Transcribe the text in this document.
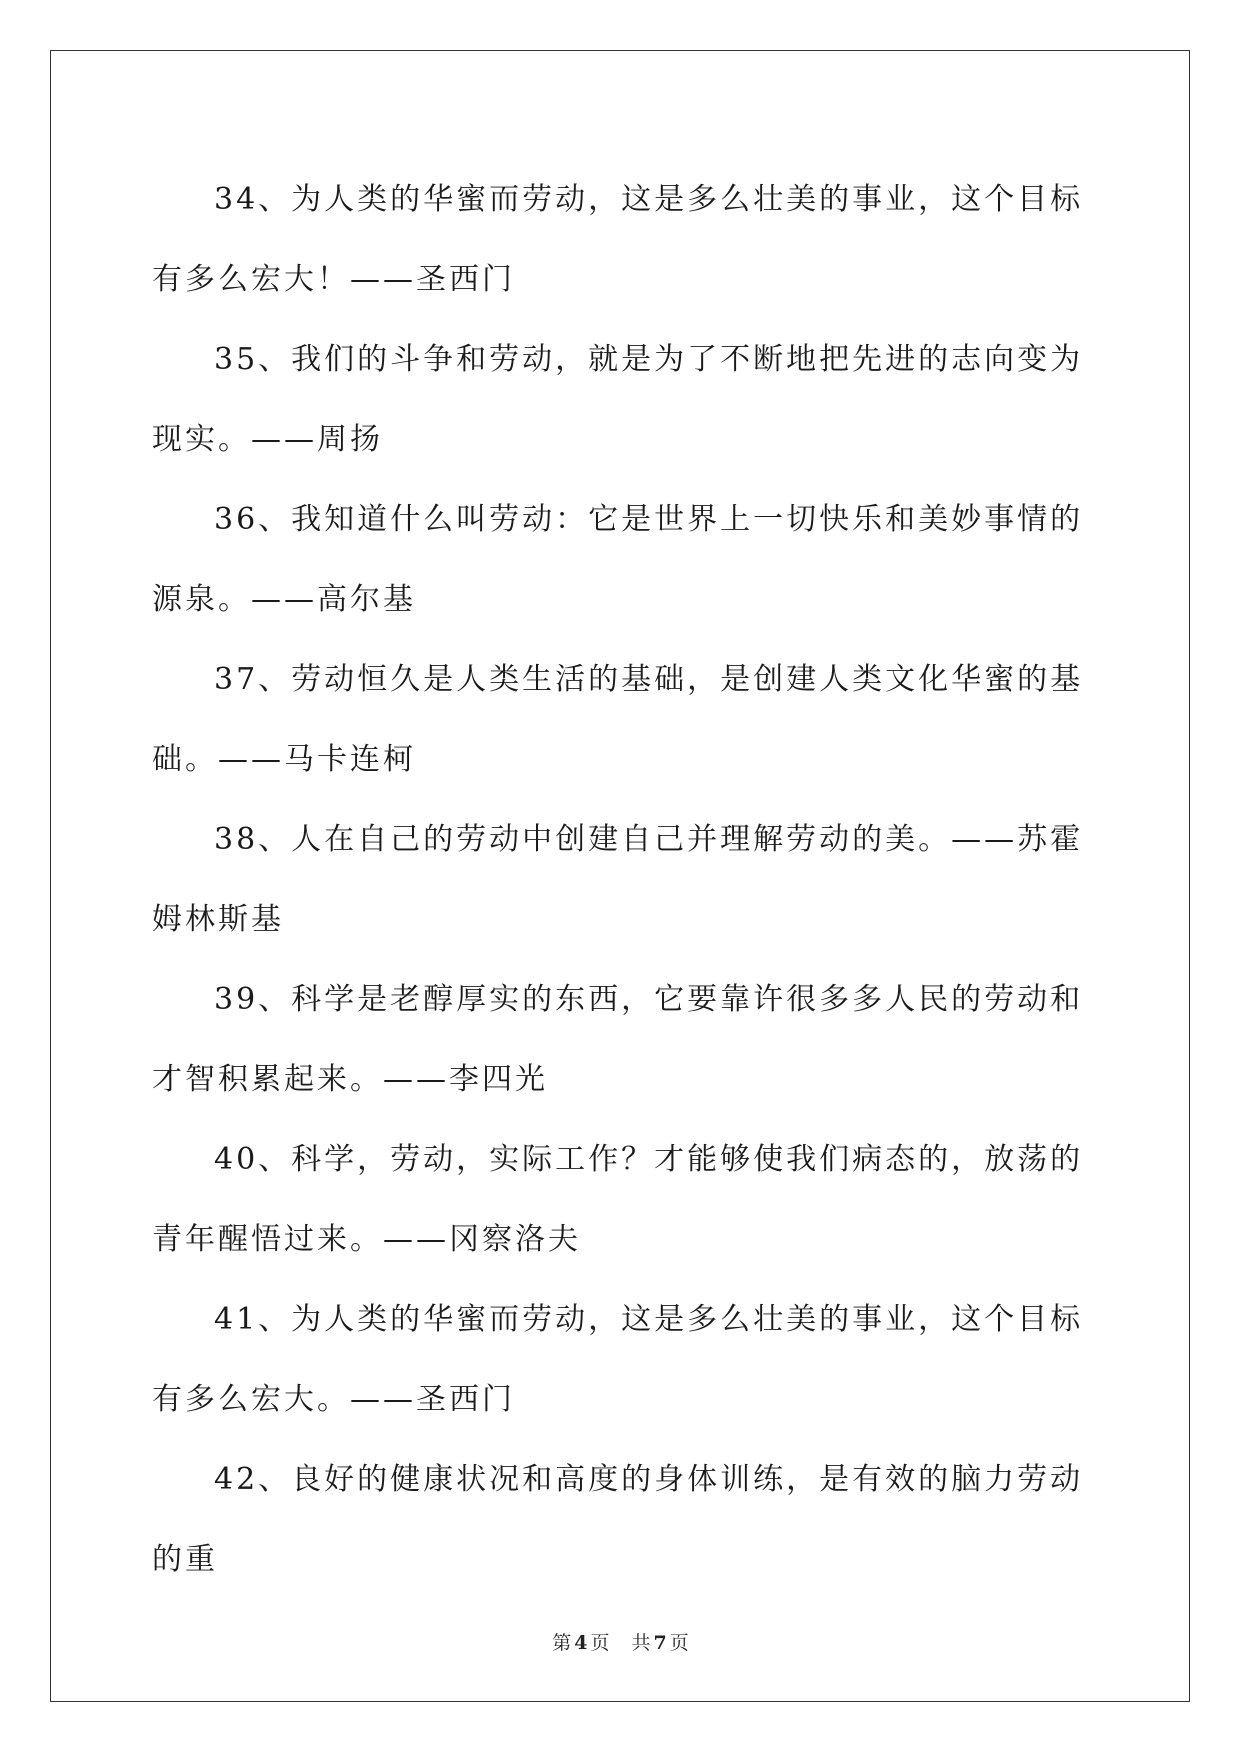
34、为人类的华蜜而劳动，这是多么壮美的事业，这个目标有多么宏大！——圣西门

35、我们的斗争和劳动，就是为了不断地把先进的志向变为现实。——周扬

36、我知道什么叫劳动：它是世界上一切快乐和美妙事情的源泉。——高尔基

37、劳动恒久是人类生活的基础，是创建人类文化华蜜的基础。——马卡连柯

38、人在自己的劳动中创建自己并理解劳动的美。——苏霍姆林斯基

39、科学是老醇厚实的东西，它要靠许很多多人民的劳动和才智积累起来。——李四光

40、科学，劳动，实际工作？才能够使我们病态的，放荡的青年醒悟过来。——冈察洛夫

41、为人类的华蜜而劳动，这是多么壮美的事业，这个目标有多么宏大。——圣西门

42、良好的健康状况和高度的身体训练，是有效的脑力劳动的重

第 4 页 共 7 页
